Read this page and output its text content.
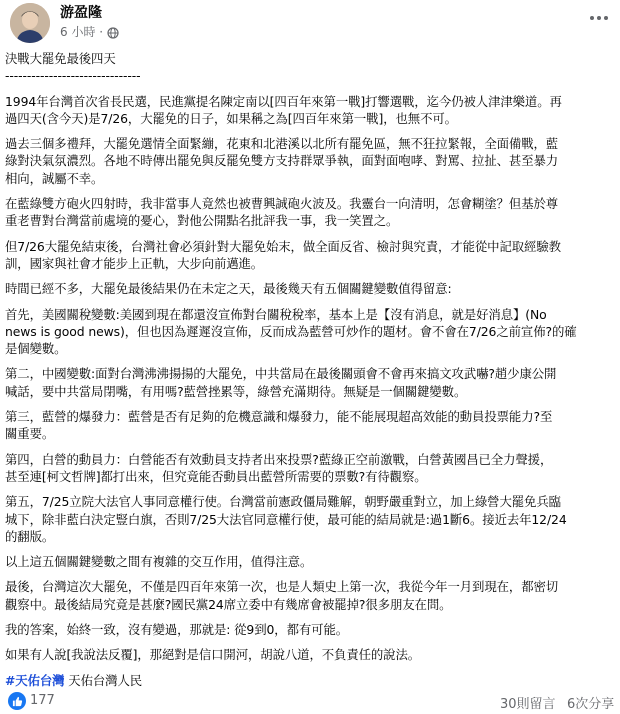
游盈隆
6 小時 ·
決戰大罷免最後四天
-------------------------------
1994年台灣首次省長民選，民進黨提名陳定南以[四百年來第一戰]打響選戰，迄今仍被人津津樂道。再
過四天(含今天)是7/26，大罷免的日子，如果稱之為[四百年來第一戰]，也無不可。
過去三個多禮拜，大罷免選情全面緊繃，花東和北港溪以北所有罷免區，無不狂拉緊報，全面備戰，藍
綠對決氣氛濃烈。各地不時傳出罷免與反罷免雙方支持群眾爭執，面對面咆哮、對罵、拉扯、甚至暴力
相向，誠屬不幸。
在藍綠雙方砲火四射時，我非當事人竟然也被曹興誠砲火波及。我靈台一向清明，怎會糊塗？但基於尊
重老曹對台灣當前處境的憂心，對他公開點名批評我一事，我一笑置之。
但7/26大罷免結束後，台灣社會必須針對大罷免始末，做全面反省、檢討與究責，才能從中記取經驗教
訓，國家與社會才能步上正軌，大步向前邁進。
時間已經不多，大罷免最後結果仍在未定之天，最後幾天有五個關鍵變數值得留意:
首先，美國關稅變數:美國到現在都還沒宣佈對台關稅稅率，基本上是【沒有消息，就是好消息】(No
news is good news)，但也因為遲遲沒宣佈，反而成為藍營可炒作的題材。會不會在7/26之前宣佈?的確
是個變數。
第二，中國變數:面對台灣沸沸揚揚的大罷免，中共當局在最後關頭會不會再來搞文攻武嚇?趙少康公開
喊話，要中共當局閉嘴，有用嗎?藍營挫累等，綠營充滿期待。無疑是一個關鍵變數。
第三，藍營的爆發力：藍營是否有足夠的危機意識和爆發力，能不能展現超高效能的動員投票能力?至
關重要。
第四，白營的動員力：白營能否有效動員支持者出來投票?藍綠正空前激戰，白營黃國昌已全力聲援，
甚至連[柯文哲牌]都打出來，但究竟能否動員出藍營所需要的票數?有待觀察。
第五，7/25立院大法官人事同意權行使。台灣當前憲政僵局難解，朝野嚴重對立，加上綠營大罷免兵臨
城下，除非藍白決定豎白旗，否則7/25大法官同意權行使，最可能的結局就是:過1斷6。接近去年12/24
的翻版。
以上這五個關鍵變數之間有複雜的交互作用，值得注意。
最後，台灣這次大罷免，不僅是四百年來第一次，也是人類史上第一次，我從今年一月到現在，都密切
觀察中。最後結局究竟是甚麼?國民黨24席立委中有幾席會被罷掉?很多朋友在問。
我的答案，始終一致，沒有變過，那就是: 從9到0，都有可能。
如果有人說[我說法反覆]，那絕對是信口開河，胡說八道，不負責任的說法。
#天佑台灣 天佑台灣人民
177	30則留言 6次分享
